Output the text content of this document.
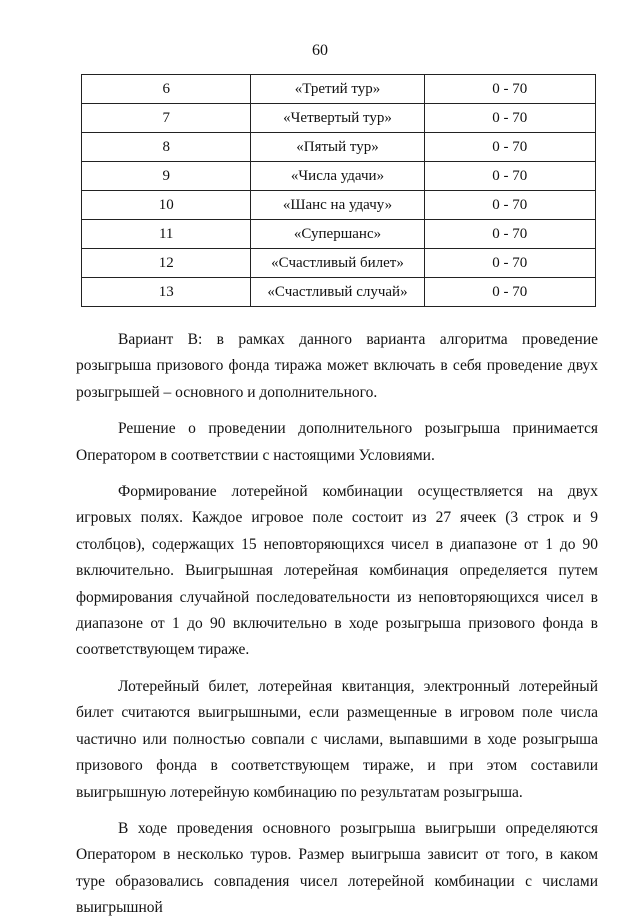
60
6	«Третий тур»	0 - 70
7	«Четвертый тур»	0 - 70
8	«Пятый тур»	0 - 70
9	«Числа удачи»	0 - 70
10	«Шанс на удачу»	0 - 70
11	«Супершанс»	0 - 70
12	«Счастливый билет»	0 - 70
13	«Счастливый случай»	0 - 70

Вариант В: в рамках данного варианта алгоритма проведение розыгрыша призового фонда тиража может включать в себя проведение двух розыгрышей – основного и дополнительного.

Решение о проведении дополнительного розыгрыша принимается Оператором в соответствии с настоящими Условиями.

Формирование лотерейной комбинации осуществляется на двух игровых полях. Каждое игровое поле состоит из 27 ячеек (3 строк и 9 столбцов), содержащих 15 неповторяющихся чисел в диапазоне от 1 до 90 включительно. Выигрышная лотерейная комбинация определяется путем формирования случайной последовательности из неповторяющихся чисел в диапазоне от 1 до 90 включительно в ходе розыгрыша призового фонда в соответствующем тираже.

Лотерейный билет, лотерейная квитанция, электронный лотерейный билет считаются выигрышными, если размещенные в игровом поле числа частично или полностью совпали с числами, выпавшими в ходе розыгрыша призового фонда в соответствующем тираже, и при этом составили выигрышную лотерейную комбинацию по результатам розыгрыша.

В ходе проведения основного розыгрыша выигрыши определяются Оператором в несколько туров. Размер выигрыша зависит от того, в каком туре образовались совпадения чисел лотерейной комбинации с числами выигрышной
